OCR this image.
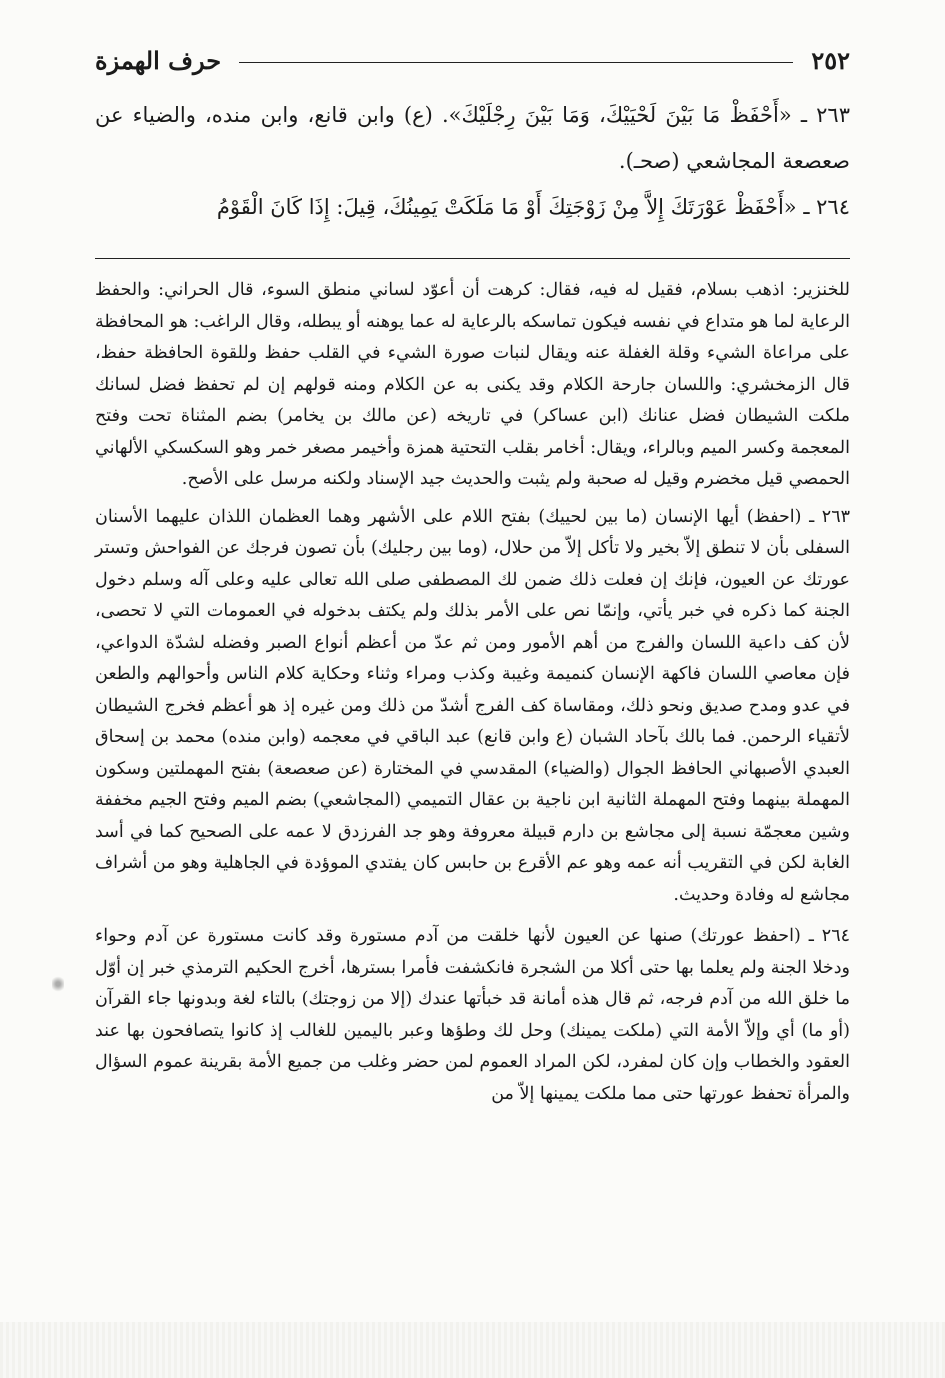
٢٥٢
حرف الهمزة

٢٦٣ ـ «أَحْفَظْ مَا بَيْنَ لَحْيَيْكَ، وَمَا بَيْنَ رِجْلَيْكَ». (ع) وابن قانع، وابن منده، والضياء عن صعصعة المجاشعي (صحـ).

٢٦٤ ـ «أَحْفَظْ عَوْرَتَكَ إِلاَّ مِنْ زَوْجَتِكَ أَوْ مَا مَلَكَتْ يَمِينُكَ، قِيلَ: إِذَا كَانَ الْقَوْمُ

للخنزير: اذهب بسلام، فقيل له فيه، فقال: كرهت أن أعوّد لساني منطق السوء، قال الحراني: والحفظ الرعاية لما هو متداع في نفسه فيكون تماسكه بالرعاية له عما يوهنه أو يبطله، وقال الراغب: هو المحافظة على مراعاة الشيء وقلة الغفلة عنه ويقال لنبات صورة الشيء في القلب حفظ وللقوة الحافظة حفظ، قال الزمخشري: واللسان جارحة الكلام وقد يكنى به عن الكلام ومنه قولهم إن لم تحفظ فضل لسانك ملكت الشيطان فضل عنانك (ابن عساكر) في تاريخه (عن مالك بن يخامر) بضم المثناة تحت وفتح المعجمة وكسر الميم وبالراء، ويقال: أخامر بقلب التحتية همزة وأخيمر مصغر خمر وهو السكسكي الألهاني الحمصي قيل مخضرم وقيل له صحبة ولم يثبت والحديث جيد الإسناد ولكنه مرسل على الأصح.

٢٦٣ ـ (احفظ) أيها الإنسان (ما بين لحييك) بفتح اللام على الأشهر وهما العظمان اللذان عليهما الأسنان السفلى بأن لا تنطق إلاّ بخير ولا تأكل إلاّ من حلال، (وما بين رجليك) بأن تصون فرجك عن الفواحش وتستر عورتك عن العيون، فإنك إن فعلت ذلك ضمن لك المصطفى صلى الله تعالى عليه وعلى آله وسلم دخول الجنة كما ذكره في خبر يأتي، وإنمّا نص على الأمر بذلك ولم يكتف بدخوله في العمومات التي لا تحصى، لأن كف داعية اللسان والفرج من أهم الأمور ومن ثم عدّ من أعظم أنواع الصبر وفضله لشدّة الدواعي، فإن معاصي اللسان فاكهة الإنسان كنميمة وغيبة وكذب ومراء وثناء وحكاية كلام الناس وأحوالهم والطعن في عدو ومدح صديق ونحو ذلك، ومقاساة كف الفرج أشدّ من ذلك ومن غيره إذ هو أعظم فخرج الشيطان لأتقياء الرحمن. فما بالك بآحاد الشبان (ع وابن قانع) عبد الباقي في معجمه (وابن منده) محمد بن إسحاق العبدي الأصبهاني الحافظ الجوال (والضياء) المقدسي في المختارة (عن صعصعة) بفتح المهملتين وسكون المهملة بينهما وفتح المهملة الثانية ابن ناجية بن عقال التميمي (المجاشعي) بضم الميم وفتح الجيم مخففة وشين معجمّة نسبة إلى مجاشع بن دارم قبيلة معروفة وهو جد الفرزدق لا عمه على الصحيح كما في أسد الغابة لكن في التقريب أنه عمه وهو عم الأقرع بن حابس كان يفتدي الموؤدة في الجاهلية وهو من أشراف مجاشع له وفادة وحديث.

٢٦٤ ـ (احفظ عورتك) صنها عن العيون لأنها خلقت من آدم مستورة وقد كانت مستورة عن آدم وحواء ودخلا الجنة ولم يعلما بها حتى أكلا من الشجرة فانكشفت فأمرا بسترها، أخرج الحكيم الترمذي خبر إن أوّل ما خلق الله من آدم فرجه، ثم قال هذه أمانة قد خبأتها عندك (إلا من زوجتك) بالتاء لغة وبدونها جاء القرآن (أو ما) أي وإلاّ الأمة التي (ملكت يمينك) وحل لك وطؤها وعبر باليمين للغالب إذ كانوا يتصافحون بها عند العقود والخطاب وإن كان لمفرد، لكن المراد العموم لمن حضر وغلب من جميع الأمة بقرينة عموم السؤال والمرأة تحفظ عورتها حتى مما ملكت يمينها إلاّ من
